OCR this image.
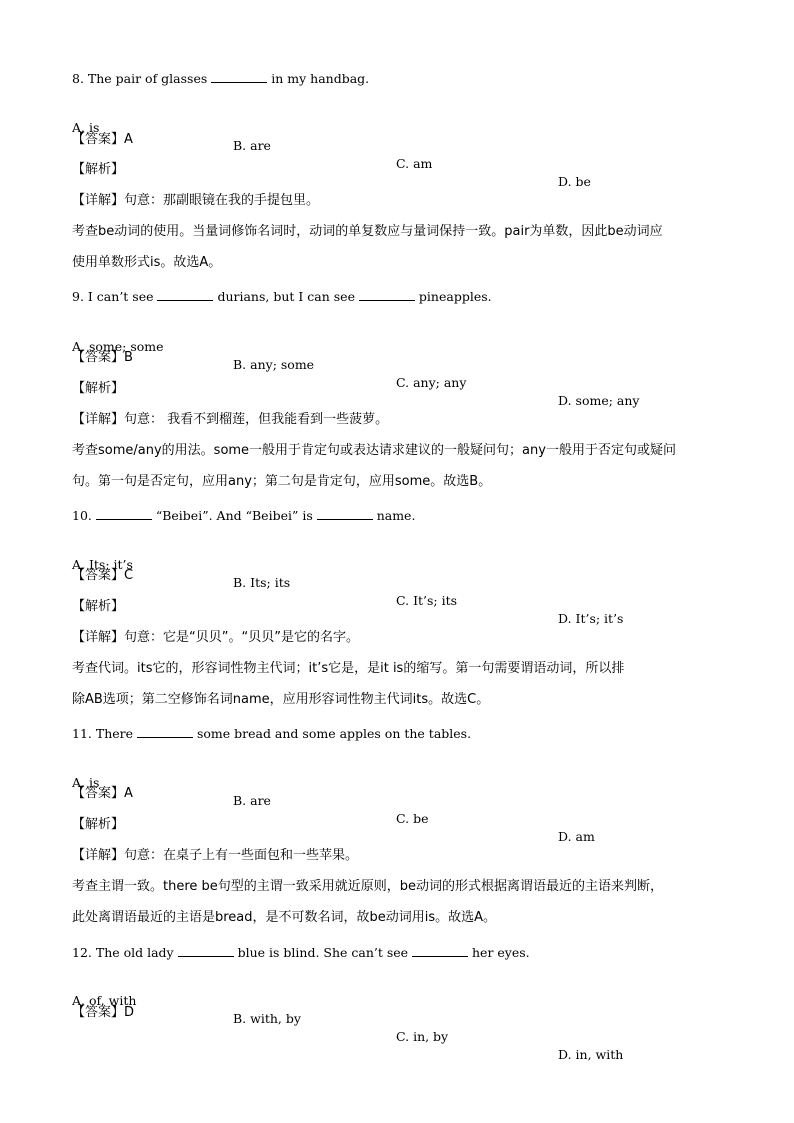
8. The pair of glasses	in my handbag.

A. is

B. are

C. am

D. be

【答案】A
【解析】
【详解】句意：那副眼镜在我的手提包里。
考查be动词的使用。当量词修饰名词时，动词的单复数应与量词保持一致。pair为单数，因此be动词应
使用单数形式is。故选A。
9. I can’t see	durians, but I can see	pineapples.

A. some; some

B. any; some

C. any; any

D. some; any

【答案】B
【解析】
【详解】句意： 我看不到榴莲，但我能看到一些菠萝。
考查some/any的用法。some一般用于肯定句或表达请求建议的一般疑问句；any一般用于否定句或疑问
句。第一句是否定句，应用any；第二句是肯定句，应用some。故选B。
10.	“Beibei”. And “Beibei” is	name.

A. Its; it’s

B. Its; its

C. It’s; its

D. It’s; it’s

【答案】C
【解析】
【详解】句意：它是“贝贝”。“贝贝”是它的名字。
考查代词。its它的，形容词性物主代词；it’s它是，是it is的缩写。第一句需要谓语动词，所以排
除AB选项；第二空修饰名词name，应用形容词性物主代词its。故选C。
11. There	some bread and some apples on the tables.

A. is

B. are

C. be

D. am

【答案】A
【解析】
【详解】句意：在桌子上有一些面包和一些苹果。
考查主谓一致。there be句型的主谓一致采用就近原则，be动词的形式根据离谓语最近的主语来判断，
此处离谓语最近的主语是bread，是不可数名词，故be动词用is。故选A。
12. The old lady	blue is blind. She can’t see	her eyes.

A. of, with

B. with, by

C. in, by

D. in, with

【答案】D
